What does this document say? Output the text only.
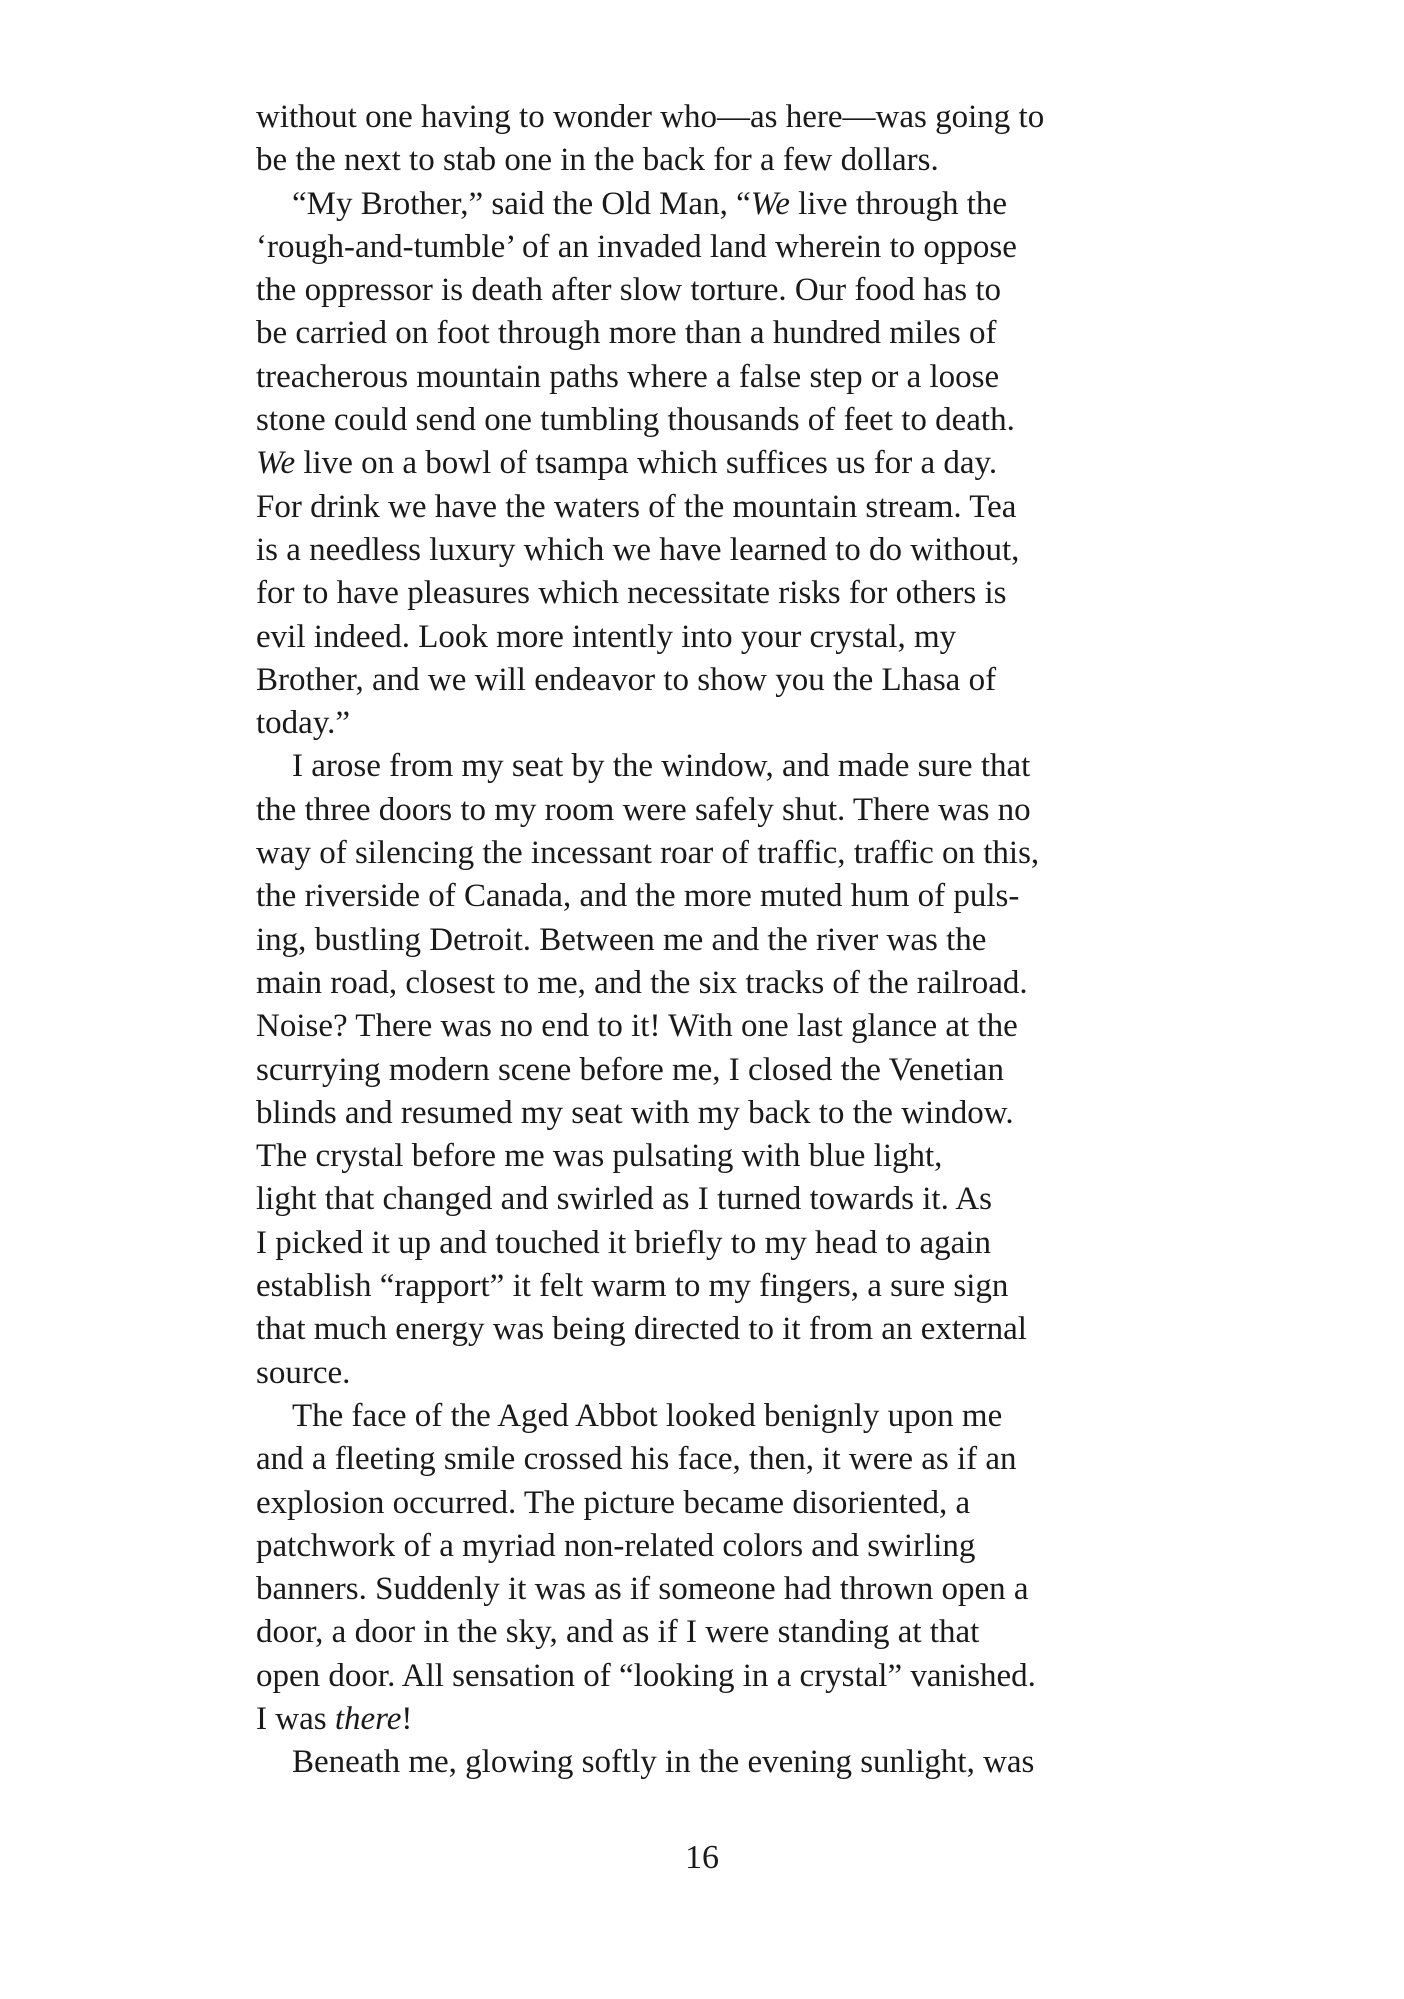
without one having to wonder who—as here—was going to

be the next to stab one in the back for a few dollars.

“My Brother,” said the Old Man, “We live through the

‘rough-and-tumble’ of an invaded land wherein to oppose

the oppressor is death after slow torture. Our food has to

be carried on foot through more than a hundred miles of

treacherous mountain paths where a false step or a loose

stone could send one tumbling thousands of feet to death.

We live on a bowl of tsampa which suffices us for a day.

For drink we have the waters of the mountain stream. Tea

is a needless luxury which we have learned to do without,

for to have pleasures which necessitate risks for others is

evil indeed. Look more intently into your crystal, my

Brother, and we will endeavor to show you the Lhasa of

today.”

I arose from my seat by the window, and made sure that

the three doors to my room were safely shut. There was no

way of silencing the incessant roar of traffic, traffic on this,

the riverside of Canada, and the more muted hum of puls-

ing, bustling Detroit. Between me and the river was the

main road, closest to me, and the six tracks of the railroad.

Noise? There was no end to it! With one last glance at the

scurrying modern scene before me, I closed the Venetian

blinds and resumed my seat with my back to the window.

The crystal before me was pulsating with blue light,

light that changed and swirled as I turned towards it. As

I picked it up and touched it briefly to my head to again

establish “rapport” it felt warm to my fingers, a sure sign

that much energy was being directed to it from an external

source.

The face of the Aged Abbot looked benignly upon me

and a fleeting smile crossed his face, then, it were as if an

explosion occurred. The picture became disoriented, a

patchwork of a myriad non-related colors and swirling

banners. Suddenly it was as if someone had thrown open a

door, a door in the sky, and as if I were standing at that

open door. All sensation of “looking in a crystal” vanished.

I was there!

Beneath me, glowing softly in the evening sunlight, was

16
